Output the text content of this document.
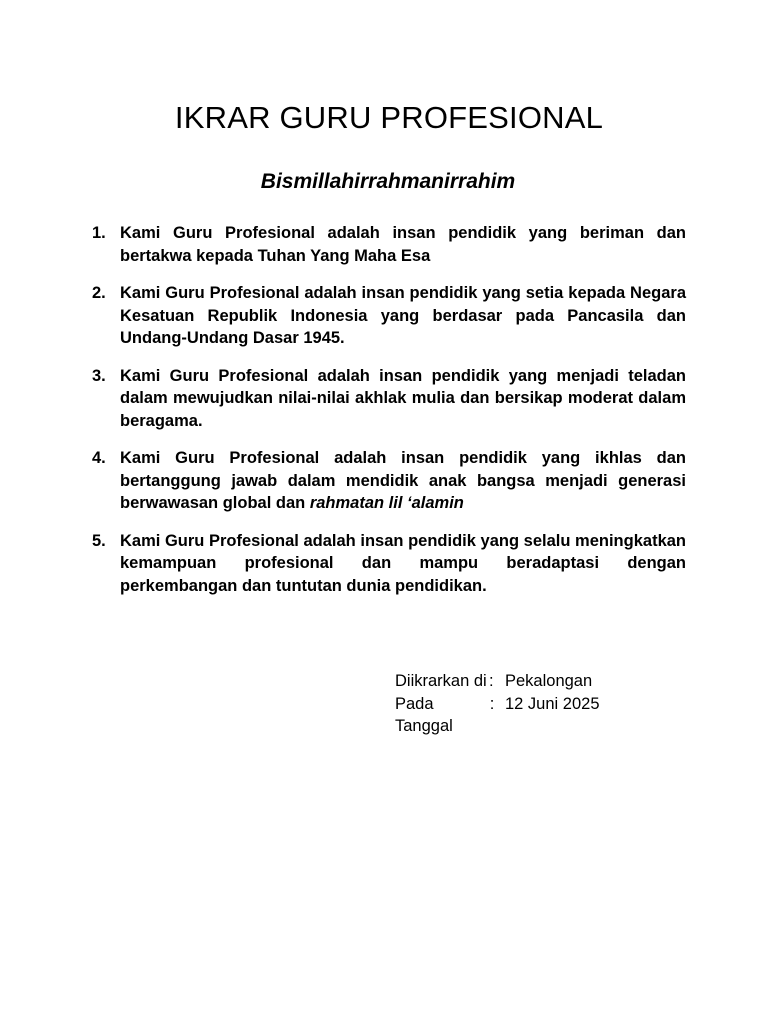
IKRAR GURU PROFESIONAL
Bismillahirrahmanirrahim
1. Kami Guru Profesional adalah insan pendidik yang beriman dan bertakwa kepada Tuhan Yang Maha Esa
2. Kami Guru Profesional adalah insan pendidik yang setia kepada Negara Kesatuan Republik Indonesia yang berdasar pada Pancasila dan Undang-Undang Dasar 1945.
3. Kami Guru Profesional adalah insan pendidik yang menjadi teladan dalam mewujudkan nilai-nilai akhlak mulia dan bersikap moderat dalam beragama.
4. Kami Guru Profesional adalah insan pendidik yang ikhlas dan bertanggung jawab dalam mendidik anak bangsa menjadi generasi berwawasan global dan rahmatan lil ‘alamin
5. Kami Guru Profesional adalah insan pendidik yang selalu meningkatkan kemampuan profesional dan mampu beradaptasi dengan perkembangan dan tuntutan dunia pendidikan.
Diikrarkan di : Pekalongan
Pada Tanggal
: 12 Juni 2025
